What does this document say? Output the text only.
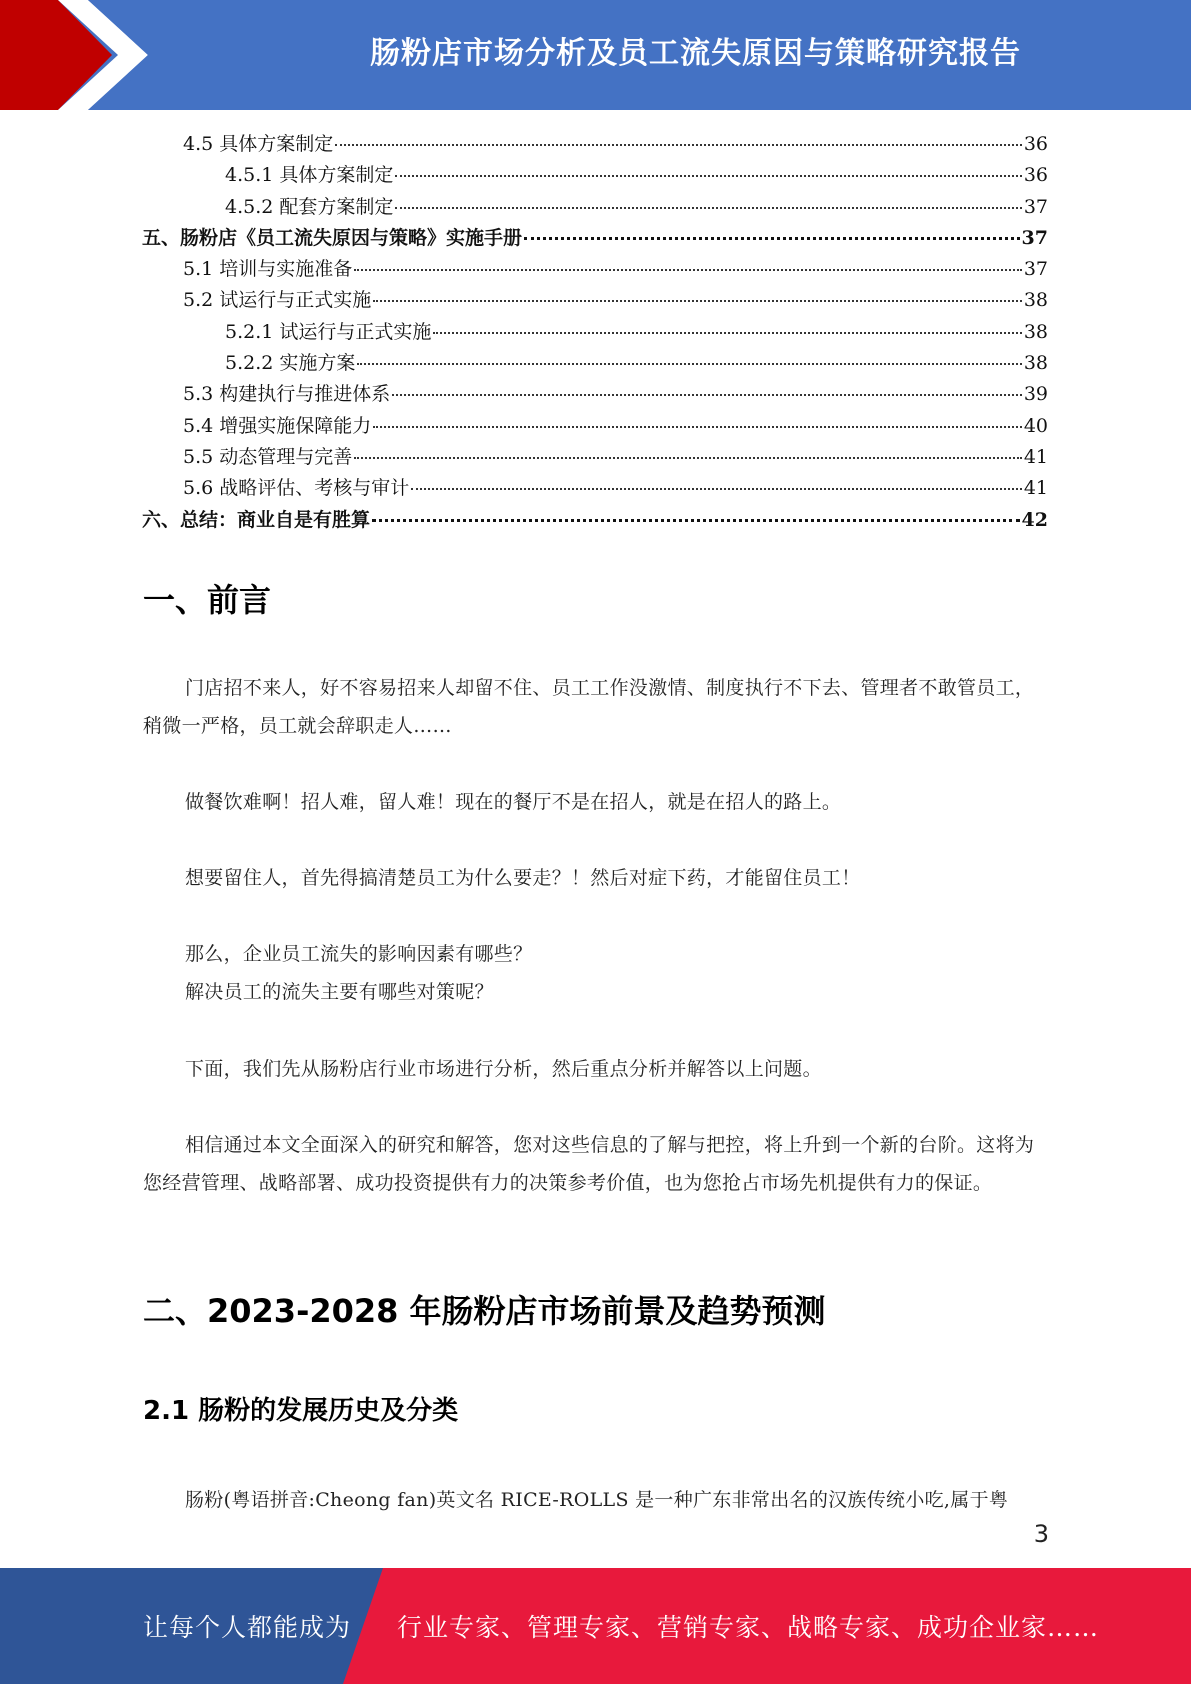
肠粉店市场分析及员工流失原因与策略研究报告
4.5 具体方案制定	36
4.5.1 具体方案制定	36
4.5.2 配套方案制定	37
五、肠粉店《员工流失原因与策略》实施手册	37
5.1 培训与实施准备	37
5.2 试运行与正式实施	38
5.2.1 试运行与正式实施	38
5.2.2 实施方案	38
5.3 构建执行与推进体系	39
5.4 增强实施保障能力	40
5.5 动态管理与完善	41
5.6 战略评估、考核与审计	41
六、总结：商业自是有胜算	42
一、前言
门店招不来人，好不容易招来人却留不住、员工工作没激情、制度执行不下去、管理者不敢管员工，稍微一严格，员工就会辞职走人……
做餐饮难啊！招人难，留人难！现在的餐厅不是在招人，就是在招人的路上。
想要留住人，首先得搞清楚员工为什么要走？！然后对症下药，才能留住员工！
那么，企业员工流失的影响因素有哪些？
解决员工的流失主要有哪些对策呢？
下面，我们先从肠粉店行业市场进行分析，然后重点分析并解答以上问题。
相信通过本文全面深入的研究和解答，您对这些信息的了解与把控，将上升到一个新的台阶。这将为您经营管理、战略部署、成功投资提供有力的决策参考价值，也为您抢占市场先机提供有力的保证。
二、2023-2028 年肠粉店市场前景及趋势预测
2.1 肠粉的发展历史及分类
肠粉(粤语拼音:Cheong fan)英文名 RICE-ROLLS 是一种广东非常出名的汉族传统小吃,属于粤
3
让每个人都能成为 行业专家、管理专家、营销专家、战略专家、成功企业家……
